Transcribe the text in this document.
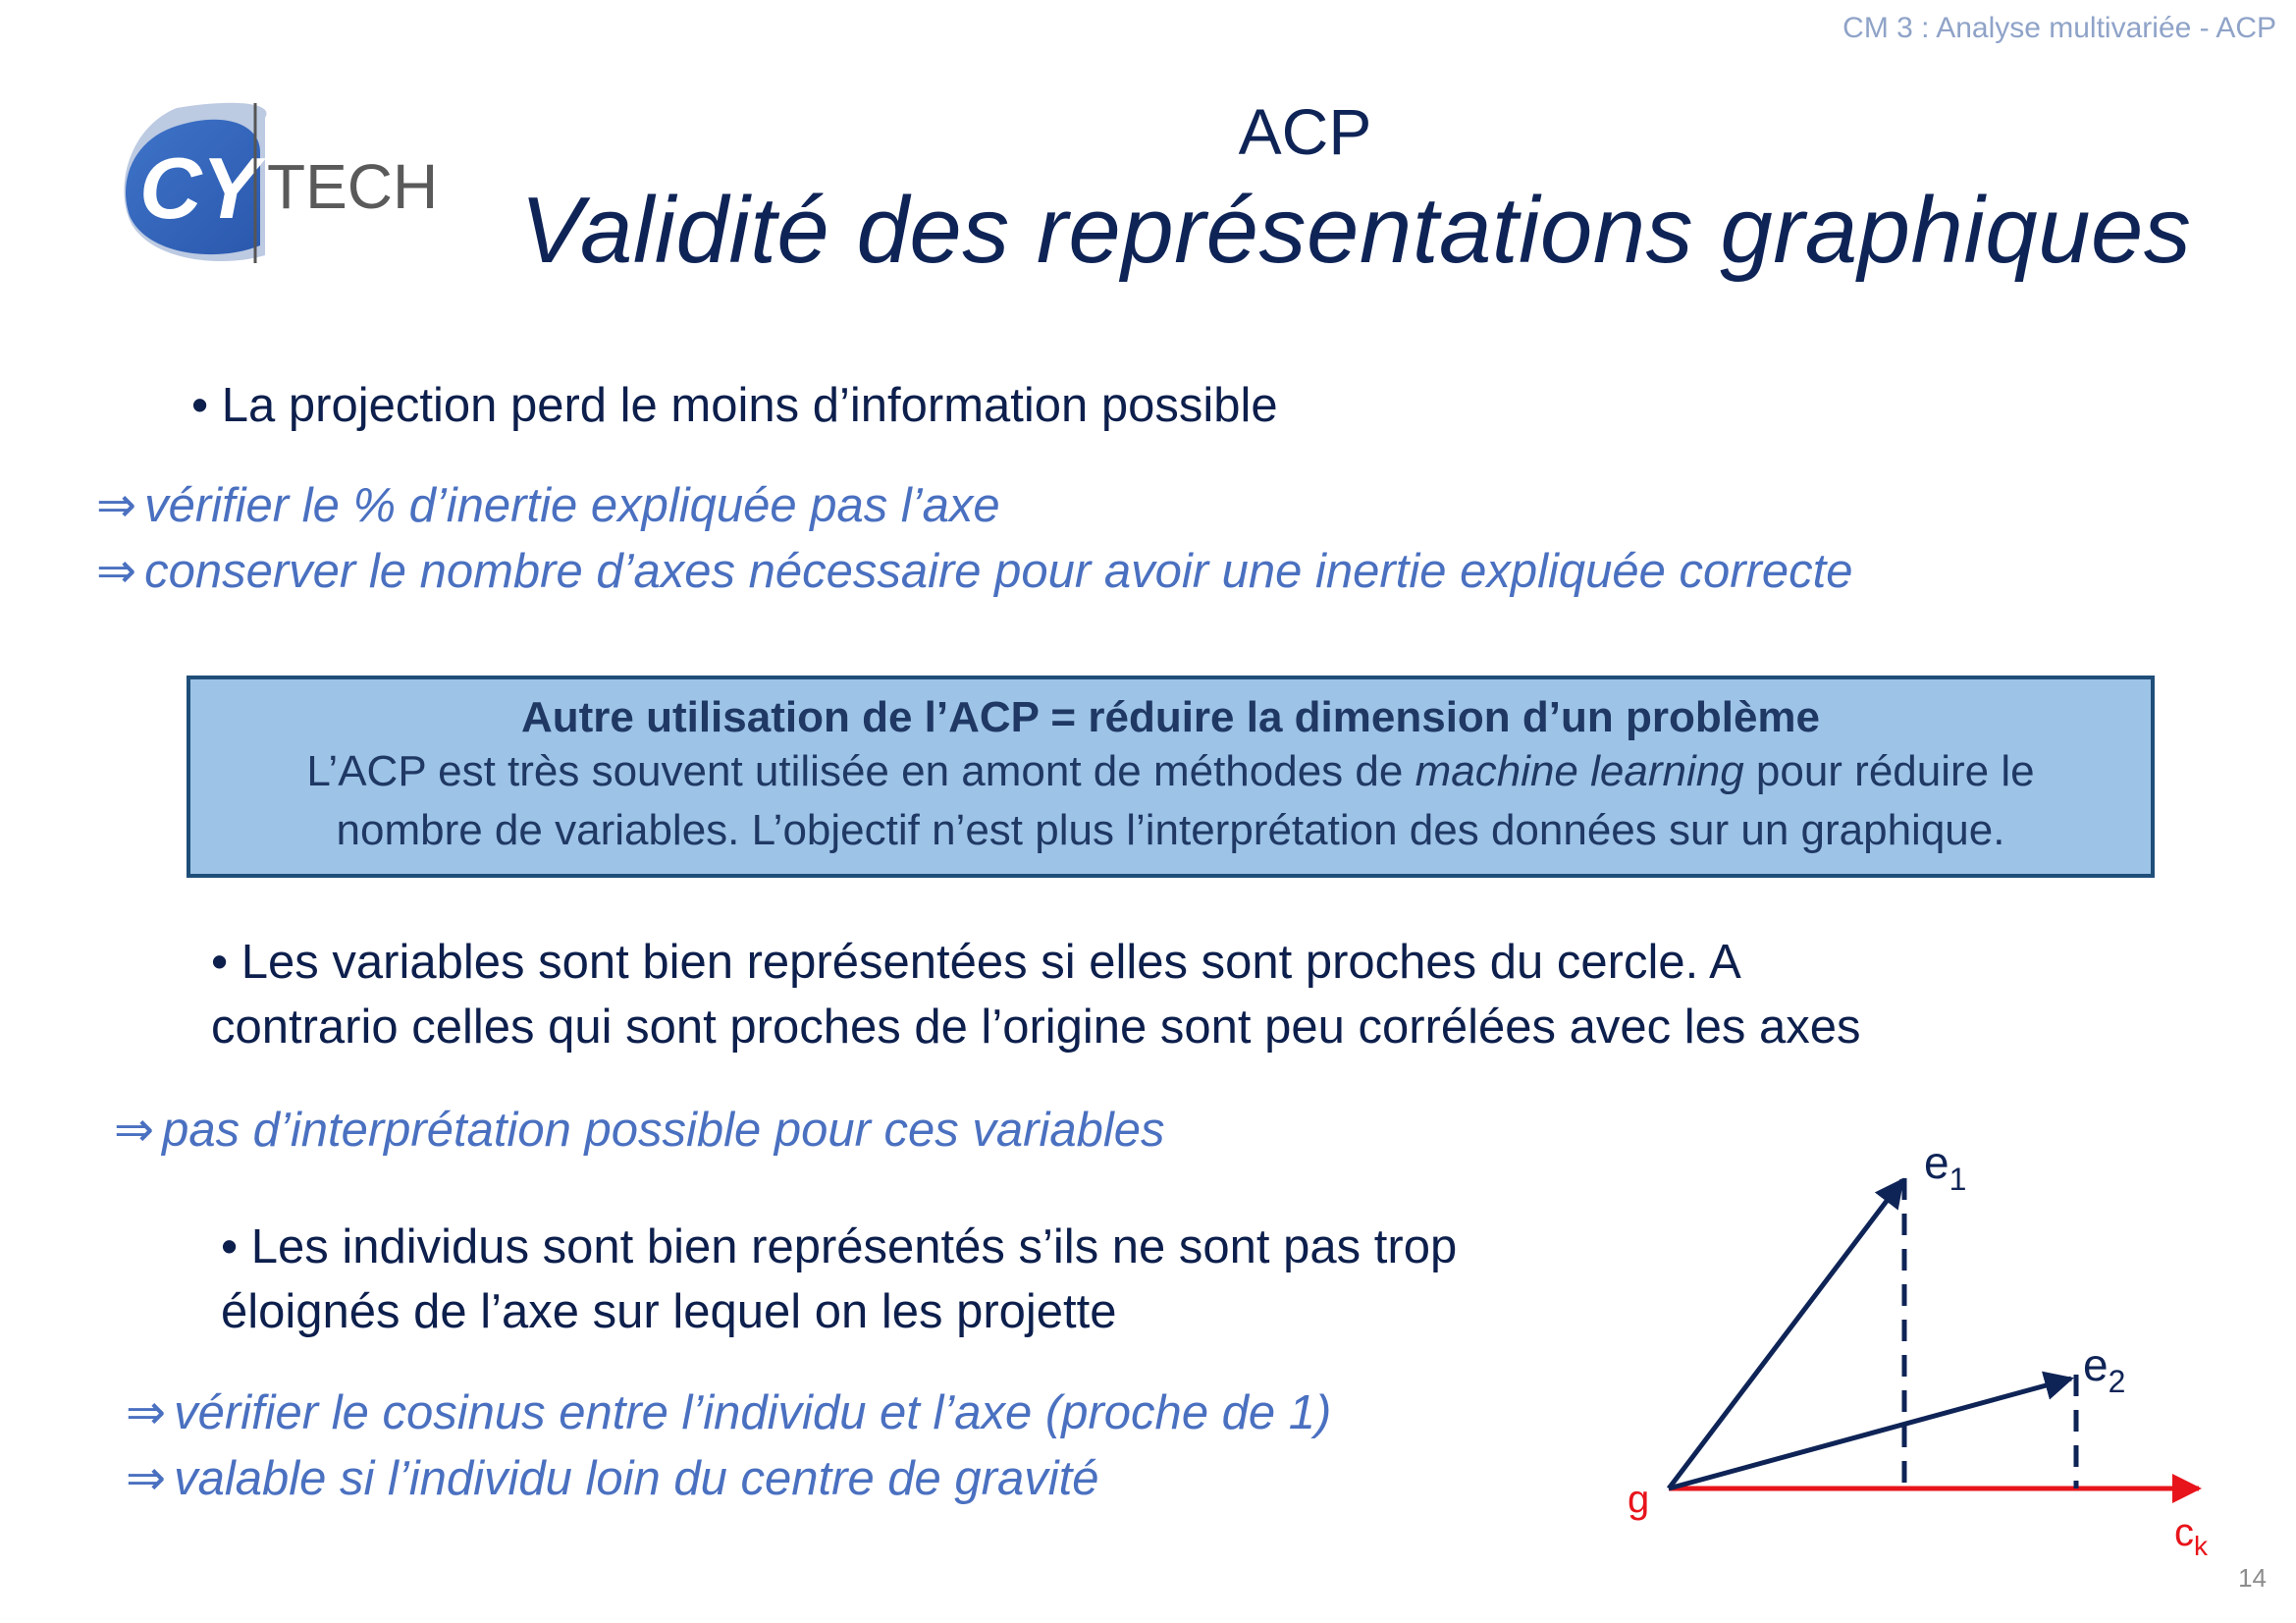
CM 3 : Analyse multivariée - ACP
CY TECH
ACP
Validité des représentations graphiques
• La projection perd le moins d’information possible
⇒ vérifier le % d’inertie expliquée pas l’axe
⇒ conserver le nombre d’axes nécessaire pour avoir une inertie expliquée correcte
Autre utilisation de l’ACP = réduire la dimension d’un problème
L’ACP est très souvent utilisée en amont de méthodes de machine learning pour réduire le
nombre de variables. L’objectif n’est plus l’interprétation des données sur un graphique.
• Les variables sont bien représentées si elles sont proches du cercle. A
contrario celles qui sont proches de l’origine sont peu corrélées avec les axes
⇒ pas d’interprétation possible pour ces variables
• Les individus sont bien représentés s’ils ne sont pas trop
éloignés de l’axe sur lequel on les projette
⇒ vérifier le cosinus entre l’individu et l’axe (proche de 1)
⇒ valable si l’individu loin du centre de gravité	g
$c_k$
$e_1$
$e_2$
14
